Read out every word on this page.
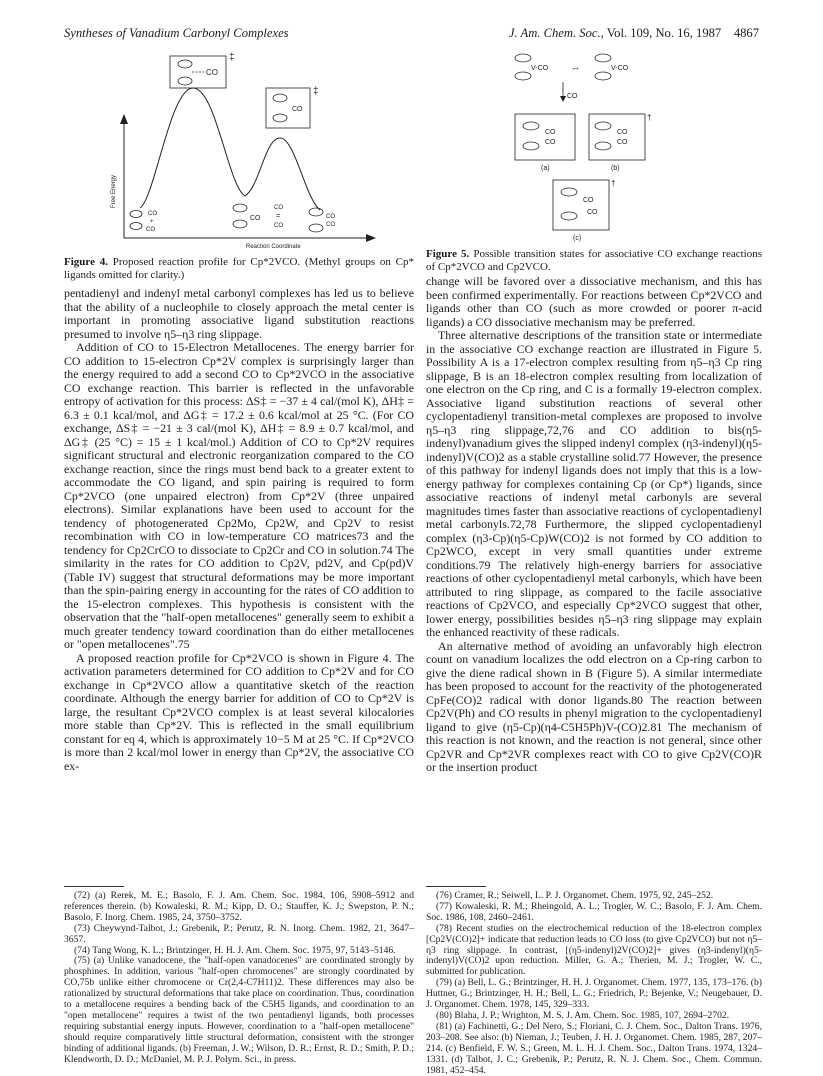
Syntheses of Vanadium Carbonyl Complexes	J. Am. Chem. Soc., Vol. 109, No. 16, 1987 4867
Free Energy
CO
‡
CO
‡
CO
+
CO
CO
CO
=
CO
CO
CO
Reaction Coordinate
Figure 4. Proposed reaction profile for Cp*2VCO. (Methyl groups on Cp* ligands omitted for clarity.)
V-CO	↔	V-CO
CO
CO
CO
(a)
CO
CO
†
(b)
CO
CO
†
(c)
Figure 5. Possible transition states for associative CO exchange reactions of Cp*2VCO and Cp2VCO.

pentadienyl and indenyl metal carbonyl complexes has led us to believe that the ability of a nucleophile to closely approach the metal center is important in promoting associative ligand substitution reactions presumed to involve η5–η3 ring slippage.

Addition of CO to 15-Electron Metallocenes. The energy barrier for CO addition to 15-electron Cp*2V complex is surprisingly larger than the energy required to add a second CO to Cp*2VCO in the associative CO exchange reaction. This barrier is reflected in the unfavorable entropy of activation for this process: ΔS‡ = −37 ± 4 cal/(mol K), ΔH‡ = 6.3 ± 0.1 kcal/mol, and ΔG‡ = 17.2 ± 0.6 kcal/mol at 25 °C. (For CO exchange, ΔS‡ = −21 ± 3 cal/(mol K), ΔH‡ = 8.9 ± 0.7 kcal/mol, and ΔG‡ (25 °C) = 15 ± 1 kcal/mol.) Addition of CO to Cp*2V requires significant structural and electronic reorganization compared to the CO exchange reaction, since the rings must bend back to a greater extent to accommodate the CO ligand, and spin pairing is required to form Cp*2VCO (one unpaired electron) from Cp*2V (three unpaired electrons). Similar explanations have been used to account for the tendency of photogenerated Cp2Mo, Cp2W, and Cp2V to resist recombination with CO in low-temperature CO matrices73 and the tendency for Cp2CrCO to dissociate to Cp2Cr and CO in solution.74 The similarity in the rates for CO addition to Cp2V, pd2V, and Cp(pd)V (Table IV) suggest that structural deformations may be more important than the spin-pairing energy in accounting for the rates of CO addition to the 15-electron complexes. This hypothesis is consistent with the observation that the "half-open metallocenes" generally seem to exhibit a much greater tendency toward coordination than do either metallocenes or "open metallocenes".75

A proposed reaction profile for Cp*2VCO is shown in Figure 4. The activation parameters determined for CO addition to Cp*2V and for CO exchange in Cp*2VCO allow a quantitative sketch of the reaction coordinate. Although the energy barrier for addition of CO to Cp*2V is large, the resultant Cp*2VCO complex is at least several kilocalories more stable than Cp*2V. This is reflected in the small equilibrium constant for eq 4, which is approximately 10−5 M at 25 °C. If Cp*2VCO is more than 2 kcal/mol lower in energy than Cp*2V, the associative CO ex-

change will be favored over a dissociative mechanism, and this has been confirmed experimentally. For reactions between Cp*2VCO and ligands other than CO (such as more crowded or poorer π-acid ligands) a CO dissociative mechanism may be preferred.

Three alternative descriptions of the transition state or intermediate in the associative CO exchange reaction are illustrated in Figure 5. Possibility A is a 17-electron complex resulting from η5–η3 Cp ring slippage, B is an 18-electron complex resulting from localization of one electron on the Cp ring, and C is a formally 19-electron complex. Associative ligand substitution reactions of several other cyclopentadienyl transition-metal complexes are proposed to involve η5–η3 ring slippage,72,76 and CO addition to bis(η5-indenyl)vanadium gives the slipped indenyl complex (η3-indenyl)(η5-indenyl)V(CO)2 as a stable crystalline solid.77 However, the presence of this pathway for indenyl ligands does not imply that this is a low-energy pathway for complexes containing Cp (or Cp*) ligands, since associative reactions of indenyl metal carbonyls are several magnitudes times faster than associative reactions of cyclopentadienyl metal carbonyls.72,78 Furthermore, the slipped cyclopentadienyl complex (η3-Cp)(η5-Cp)W(CO)2 is not formed by CO addition to Cp2WCO, except in very small quantities under extreme conditions.79 The relatively high-energy barriers for associative reactions of other cyclopentadienyl metal carbonyls, which have been attributed to ring slippage, as compared to the facile associative reactions of Cp2VCO, and especially Cp*2VCO suggest that other, lower energy, possibilities besides η5–η3 ring slippage may explain the enhanced reactivity of these radicals.

An alternative method of avoiding an unfavorably high electron count on vanadium localizes the odd electron on a Cp-ring carbon to give the diene radical shown in B (Figure 5). A similar intermediate has been proposed to account for the reactivity of the photogenerated CpFe(CO)2 radical with donor ligands.80 The reaction between Cp2V(Ph) and CO results in phenyl migration to the cyclopentadienyl ligand to give (η5-Cp)(η4-C5H5Ph)V-(CO)2.81 The mechanism of this reaction is not known, and the reaction is not general, since other Cp2VR and Cp*2VR complexes react with CO to give Cp2V(CO)R or the insertion product

(72) (a) Rerek, M. E.; Basolo, F. J. Am. Chem. Soc. 1984, 106, 5908–5912 and references therein. (b) Kowaleski, R. M.; Kipp, D. O.; Stauffer, K. J.; Swepston, P. N.; Basolo, F. Inorg. Chem. 1985, 24, 3750–3752.

(73) Cheywynd-Talbot, J.; Grebenik, P.; Perutz, R. N. Inorg. Chem. 1982, 21, 3647–3657.

(74) Tang Wong, K. L.; Brintzinger, H. H. J. Am. Chem. Soc. 1975, 97, 5143–5146.

(75) (a) Unlike vanadocene, the "half-open vanadocenes" are coordinated strongly by phosphines. In addition, various "half-open chromocenes" are strongly coordinated by CO,75b unlike either chromocene or Cr(2,4-C7H11)2. These differences may also be rationalized by structural deformations that take place on coordination. Thus, coordination to a metallocene requires a bending back of the C5H5 ligands, and coordination to an "open metallocene" requires a twist of the two pentadienyl ligands, both processes requiring substantial energy inputs. However, coordination to a "half-open metallocene" should require comparatively little structural deformation, consistent with the stronger binding of additional ligands. (b) Freeman, J. W.; Wilson, D. R.; Ernst, R. D.; Smith, P. D.; Klendworth, D. D.; McDaniel, M. P. J. Polym. Sci., in press.

(76) Cramer, R.; Seiwell, L. P. J. Organomet. Chem. 1975, 92, 245–252.

(77) Kowaleski, R. M.; Rheingold, A. L.; Trogler, W. C.; Basolo, F. J. Am. Chem. Soc. 1986, 108, 2460–2461.

(78) Recent studies on the electrochemical reduction of the 18-electron complex [Cp2V(CO)2]+ indicate that reduction leads to CO loss (to give Cp2VCO) but not η5–η3 ring slippage. In contrast, [(η5-indenyl)2V(CO)2]+ gives (η3-indenyl)(η5-indenyl)V(CO)2 upon reduction. Miller, G. A.; Therien, M. J.; Trogler, W. C., submitted for publication.

(79) (a) Bell, L. G.; Brintzinger, H. H. J. Organomet. Chem. 1977, 135, 173–176. (b) Huttner, G.; Brintzinger, H. H.; Bell, L. G.; Friedrich, P.; Bejenke, V.; Neugebauer, D. J. Organomet. Chem. 1978, 145, 329–333.

(80) Blaha, J. P.; Wrighton, M. S. J. Am. Chem. Soc. 1985, 107, 2694–2702.

(81) (a) Fachinetti, G.; Del Nero, S.; Floriani, C. J. Chem. Soc., Dalton Trans. 1976, 203–208. See also: (b) Nieman, J.; Teuben, J. H. J. Organomet. Chem. 1985, 287, 207–214. (c) Benfield, F. W. S.; Green, M. L. H. J. Chem. Soc., Dalton Trans. 1974, 1324–1331. (d) Talbot, J. C.; Grebenik, P.; Perutz, R. N. J. Chem. Soc., Chem. Commun. 1981, 452–454.
